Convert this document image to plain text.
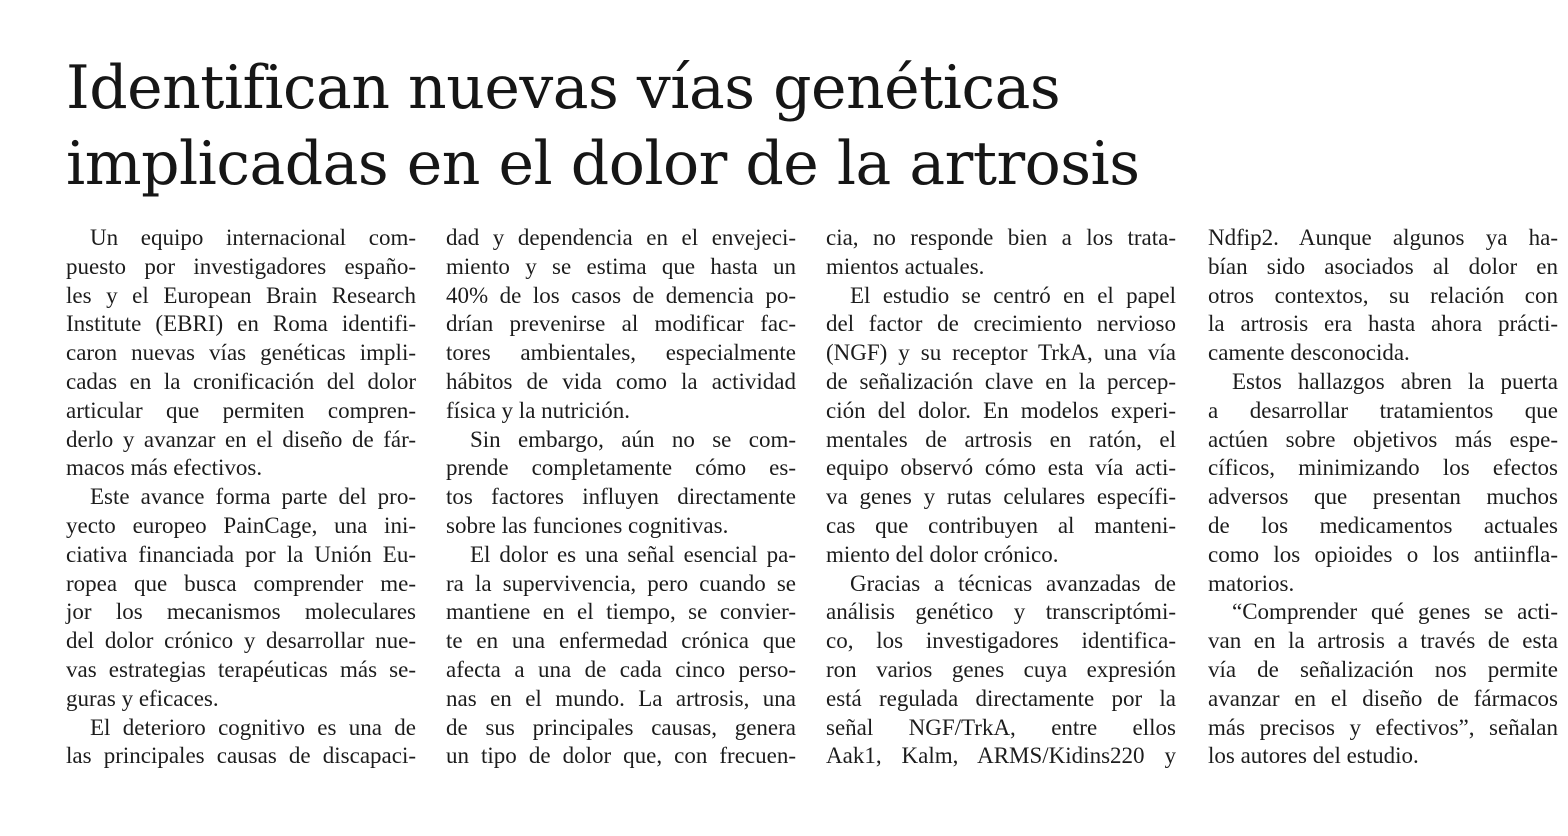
Identifican nuevas vías genéticas
implicadas en el dolor de la artrosis
Un equipo internacional com-
puesto por investigadores españo-
les y el European Brain Research
Institute (EBRI) en Roma identifi-
caron nuevas vías genéticas impli-
cadas en la cronificación del dolor
articular que permiten compren-
derlo y avanzar en el diseño de fár-
macos más efectivos.
Este avance forma parte del pro-
yecto europeo PainCage, una ini-
ciativa financiada por la Unión Eu-
ropea que busca comprender me-
jor los mecanismos moleculares
del dolor crónico y desarrollar nue-
vas estrategias terapéuticas más se-
guras y eficaces.
El deterioro cognitivo es una de
las principales causas de discapaci-
dad y dependencia en el envejeci-
miento y se estima que hasta un
40% de los casos de demencia po-
drían prevenirse al modificar fac-
tores ambientales, especialmente
hábitos de vida como la actividad
física y la nutrición.
Sin embargo, aún no se com-
prende completamente cómo es-
tos factores influyen directamente
sobre las funciones cognitivas.
El dolor es una señal esencial pa-
ra la supervivencia, pero cuando se
mantiene en el tiempo, se convier-
te en una enfermedad crónica que
afecta a una de cada cinco perso-
nas en el mundo. La artrosis, una
de sus principales causas, genera
un tipo de dolor que, con frecuen-
cia, no responde bien a los trata-
mientos actuales.
El estudio se centró en el papel
del factor de crecimiento nervioso
(NGF) y su receptor TrkA, una vía
de señalización clave en la percep-
ción del dolor. En modelos experi-
mentales de artrosis en ratón, el
equipo observó cómo esta vía acti-
va genes y rutas celulares específi-
cas que contribuyen al manteni-
miento del dolor crónico.
Gracias a técnicas avanzadas de
análisis genético y transcriptómi-
co, los investigadores identifica-
ron varios genes cuya expresión
está regulada directamente por la
señal NGF/TrkA, entre ellos
Aak1, Kalm, ARMS/Kidins220 y
Ndfip2. Aunque algunos ya ha-
bían sido asociados al dolor en
otros contextos, su relación con
la artrosis era hasta ahora prácti-
camente desconocida.
Estos hallazgos abren la puerta
a desarrollar tratamientos que
actúen sobre objetivos más espe-
cíficos, minimizando los efectos
adversos que presentan muchos
de los medicamentos actuales
como los opioides o los antiinfla-
matorios.
“Comprender qué genes se acti-
van en la artrosis a través de esta
vía de señalización nos permite
avanzar en el diseño de fármacos
más precisos y efectivos”, señalan
los autores del estudio.
